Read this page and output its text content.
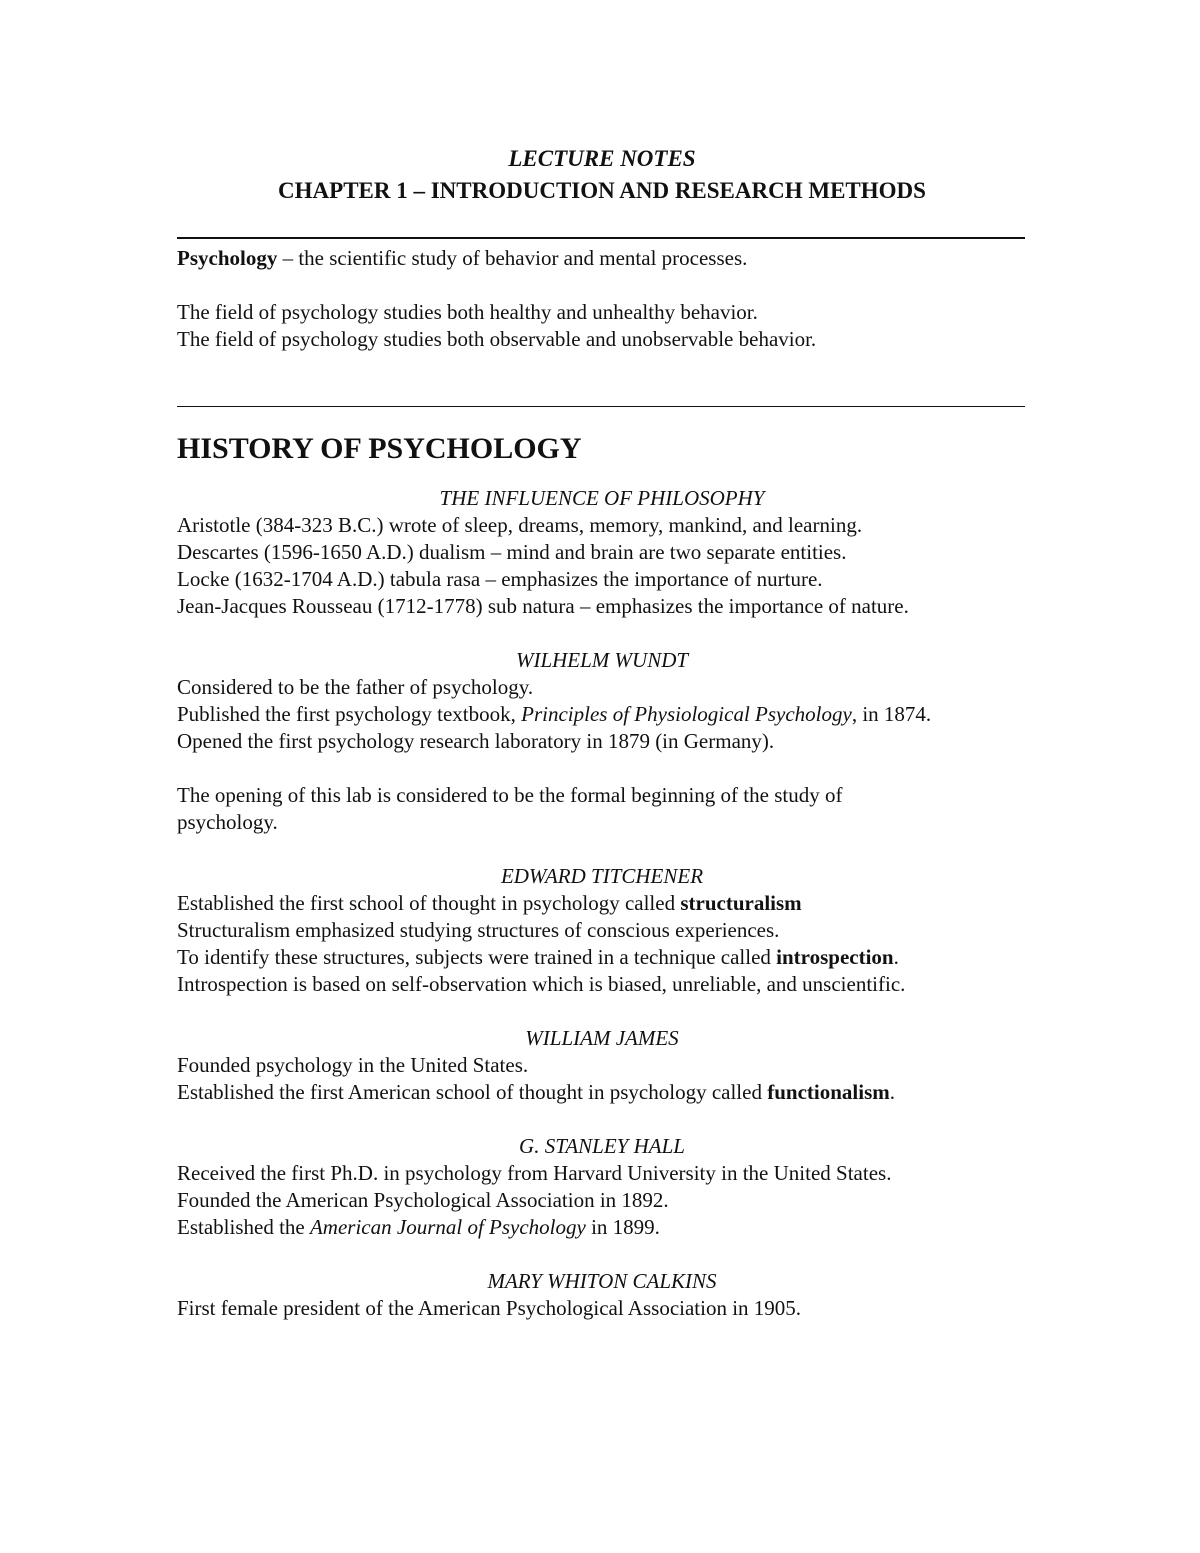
LECTURE NOTES
CHAPTER 1 – INTRODUCTION AND RESEARCH METHODS

Psychology – the scientific study of behavior and mental processes.

The field of psychology studies both healthy and unhealthy behavior.

The field of psychology studies both observable and unobservable behavior.

HISTORY OF PSYCHOLOGY

THE INFLUENCE OF PHILOSOPHY

Aristotle (384-323 B.C.) wrote of sleep, dreams, memory, mankind, and learning.

Descartes (1596-1650 A.D.) dualism – mind and brain are two separate entities.

Locke (1632-1704 A.D.) tabula rasa – emphasizes the importance of nurture.

Jean-Jacques Rousseau (1712-1778) sub natura – emphasizes the importance of nature.

WILHELM WUNDT

Considered to be the father of psychology.

Published the first psychology textbook, Principles of Physiological Psychology, in 1874.

Opened the first psychology research laboratory in 1879 (in Germany).

The opening of this lab is considered to be the formal beginning of the study of psychology.

EDWARD TITCHENER

Established the first school of thought in psychology called structuralism

Structuralism emphasized studying structures of conscious experiences.

To identify these structures, subjects were trained in a technique called introspection.

Introspection is based on self-observation which is biased, unreliable, and unscientific.

WILLIAM JAMES

Founded psychology in the United States.

Established the first American school of thought in psychology called functionalism.

G. STANLEY HALL

Received the first Ph.D. in psychology from Harvard University in the United States.

Founded the American Psychological Association in 1892.

Established the American Journal of Psychology in 1899.

MARY WHITON CALKINS

First female president of the American Psychological Association in 1905.
